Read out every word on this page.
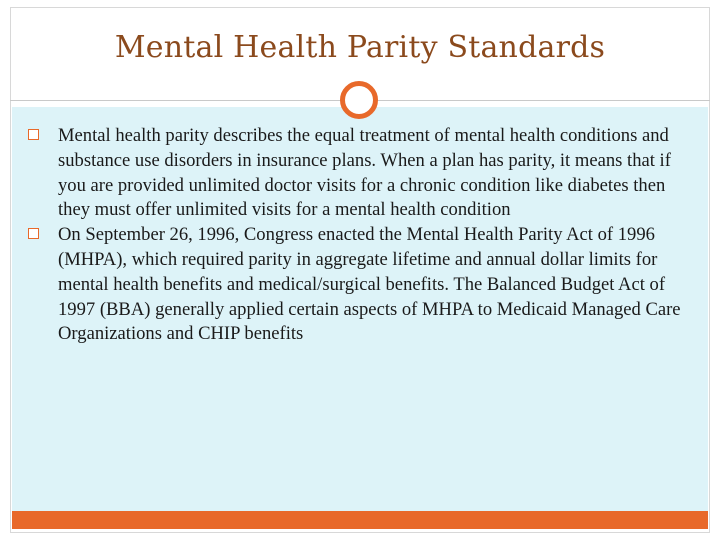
Mental Health Parity Standards
Mental health parity describes the equal treatment of mental health conditions and substance use disorders in insurance plans. When a plan has parity, it means that if you are provided unlimited doctor visits for a chronic condition like diabetes then they must offer unlimited visits for a mental health condition
On September 26, 1996, Congress enacted the Mental Health Parity Act of 1996 (MHPA), which required parity in aggregate lifetime and annual dollar limits for mental health benefits and medical/surgical benefits. The Balanced Budget Act of 1997 (BBA) generally applied certain aspects of MHPA to Medicaid Managed Care Organizations and CHIP benefits
